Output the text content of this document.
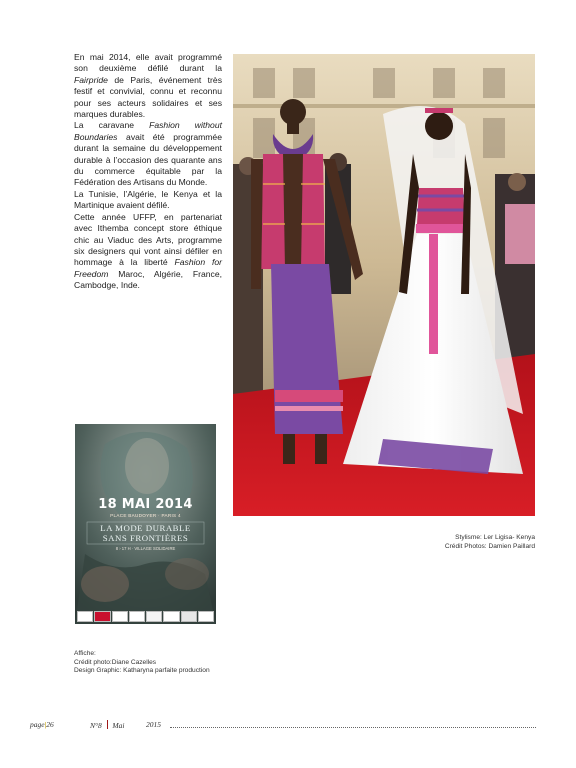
En mai 2014, elle avait programmé son deuxième défilé durant la Fairpride de Paris, événement très festif et convivial, connu et reconnu pour ses acteurs solidaires et ses marques durables.

La caravane Fashion without Boundaries avait été programmée durant la semaine du développement durable à l’occasion des quarante ans du commerce équitable par la Fédération des Artisans du Monde.

La Tunisie, l’Algérie, le Kenya et la Martinique avaient défilé.

Cette année UFFP, en partenariat avec Ithemba concept store éthique chic au Viaduc des Arts, programme six designers qui vont ainsi défiler en hommage à la liberté Fashion for Freedom Maroc, Algérie, France, Cambodge, Inde.

Stylisme: Ler Ligisa- Kenya
Crédit Photos: Damien Paillard
18 MAI 2014
PLACE BAUDOYER · PARIS 4
LA MODE DURABLE
SANS FRONTIÈRES
8 › 17 H · VILLAGE SOLIDAIRE
Affiche:
Crédit photo:Diane Cazelles
Design Graphic: Katharyna parfaite production
page|26	N°8 Mai	2015
